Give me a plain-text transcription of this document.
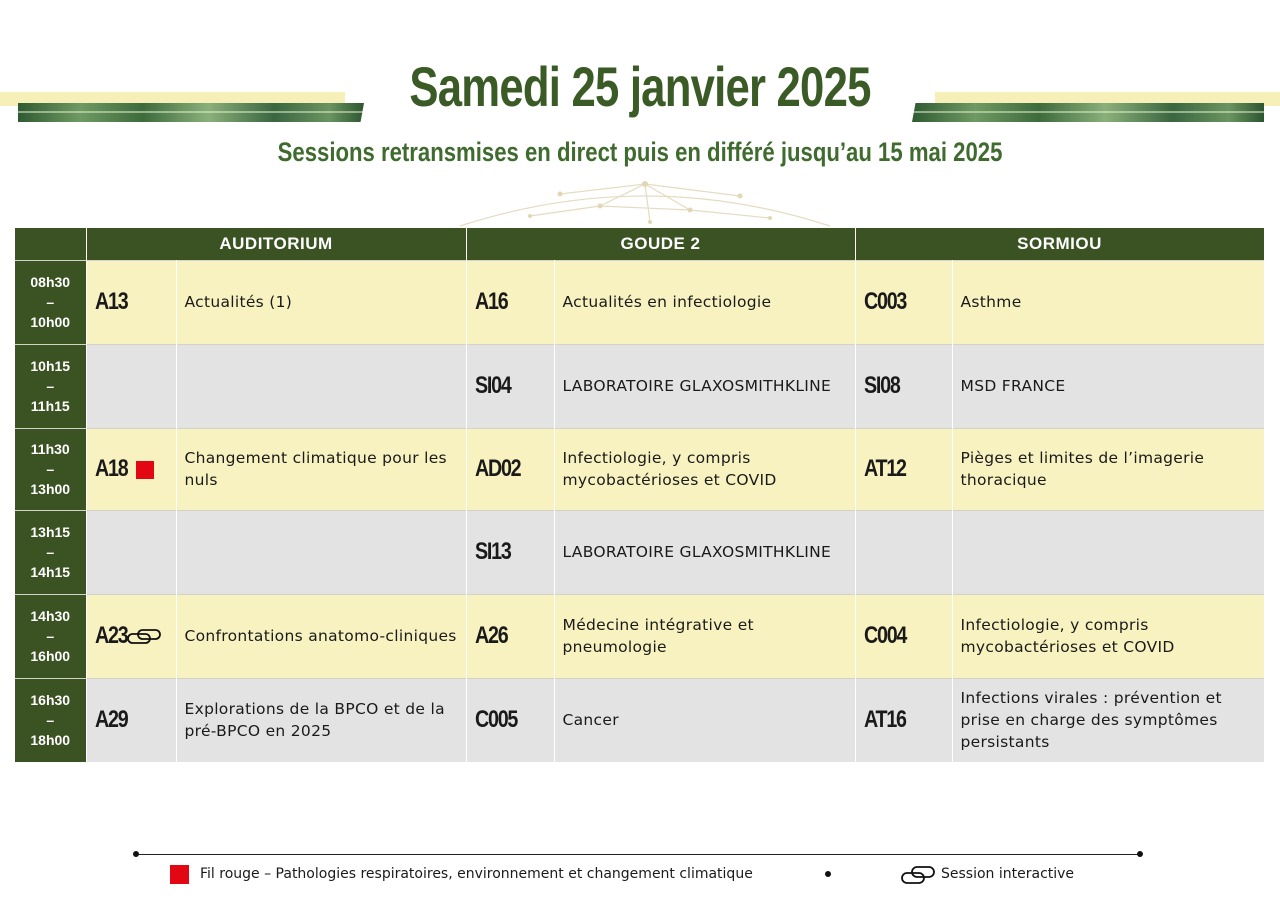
Samedi 25 janvier 2025
Sessions retransmises en direct puis en différé jusqu’au 15 mai 2025
	AUDITORIUM		GOUDE 2		SORMIOU	

08h30
–
10h00	A13	Actualités (1)	A16	Actualités en infectiologie	C003	Asthme

10h15
–
11h15			SI04	LABORATOIRE GLAXOSMITHKLINE	SI08	MSD FRANCE

11h30
–
13h00	A18	Changement climatique pour les nuls	AD02	Infectiologie, y compris mycobactérioses et COVID	AT12	Pièges et limites de l’imagerie thoracique

13h15
–
14h15			SI13	LABORATOIRE GLAXOSMITHKLINE		

14h30
–
16h00	A23	Confrontations anatomo-cliniques	A26	Médecine intégrative et pneumologie	C004	Infectiologie, y compris mycobactérioses et COVID

16h30
–
18h00	A29	Explorations de la BPCO et de la pré-BPCO en 2025	C005	Cancer	AT16	Infections virales : prévention et prise en charge des symptômes persistants
Fil rouge – Pathologies respiratoires, environnement et changement climatique	Session interactive
